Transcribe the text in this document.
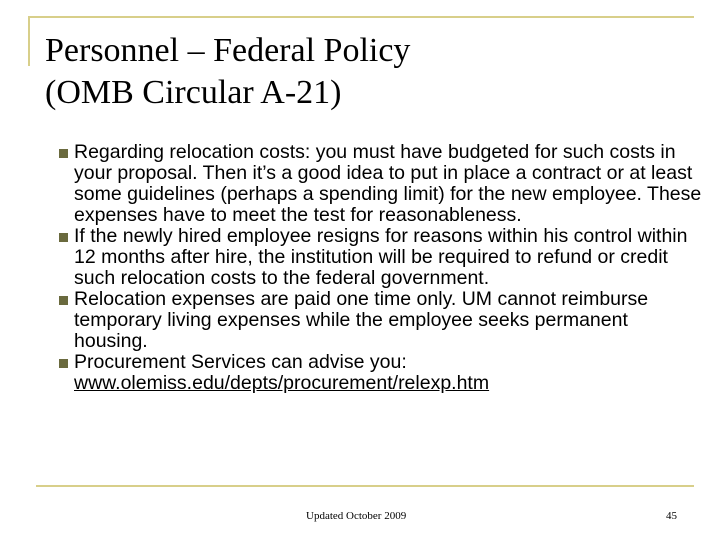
Personnel – Federal Policy
(OMB Circular A-21)
Regarding relocation costs: you must have budgeted for such costs in your proposal. Then it’s a good idea to put in place a contract or at least some guidelines (perhaps a spending limit) for the new employee. These expenses have to meet the test for reasonableness.
If the newly hired employee resigns for reasons within his control within 12 months after hire, the institution will be required to refund or credit such relocation costs to the federal government.
Relocation expenses are paid one time only. UM cannot reimburse temporary living expenses while the employee seeks permanent housing.
Procurement Services can advise you: www.olemiss.edu/depts/procurement/relexp.htm
Updated October 2009	45
